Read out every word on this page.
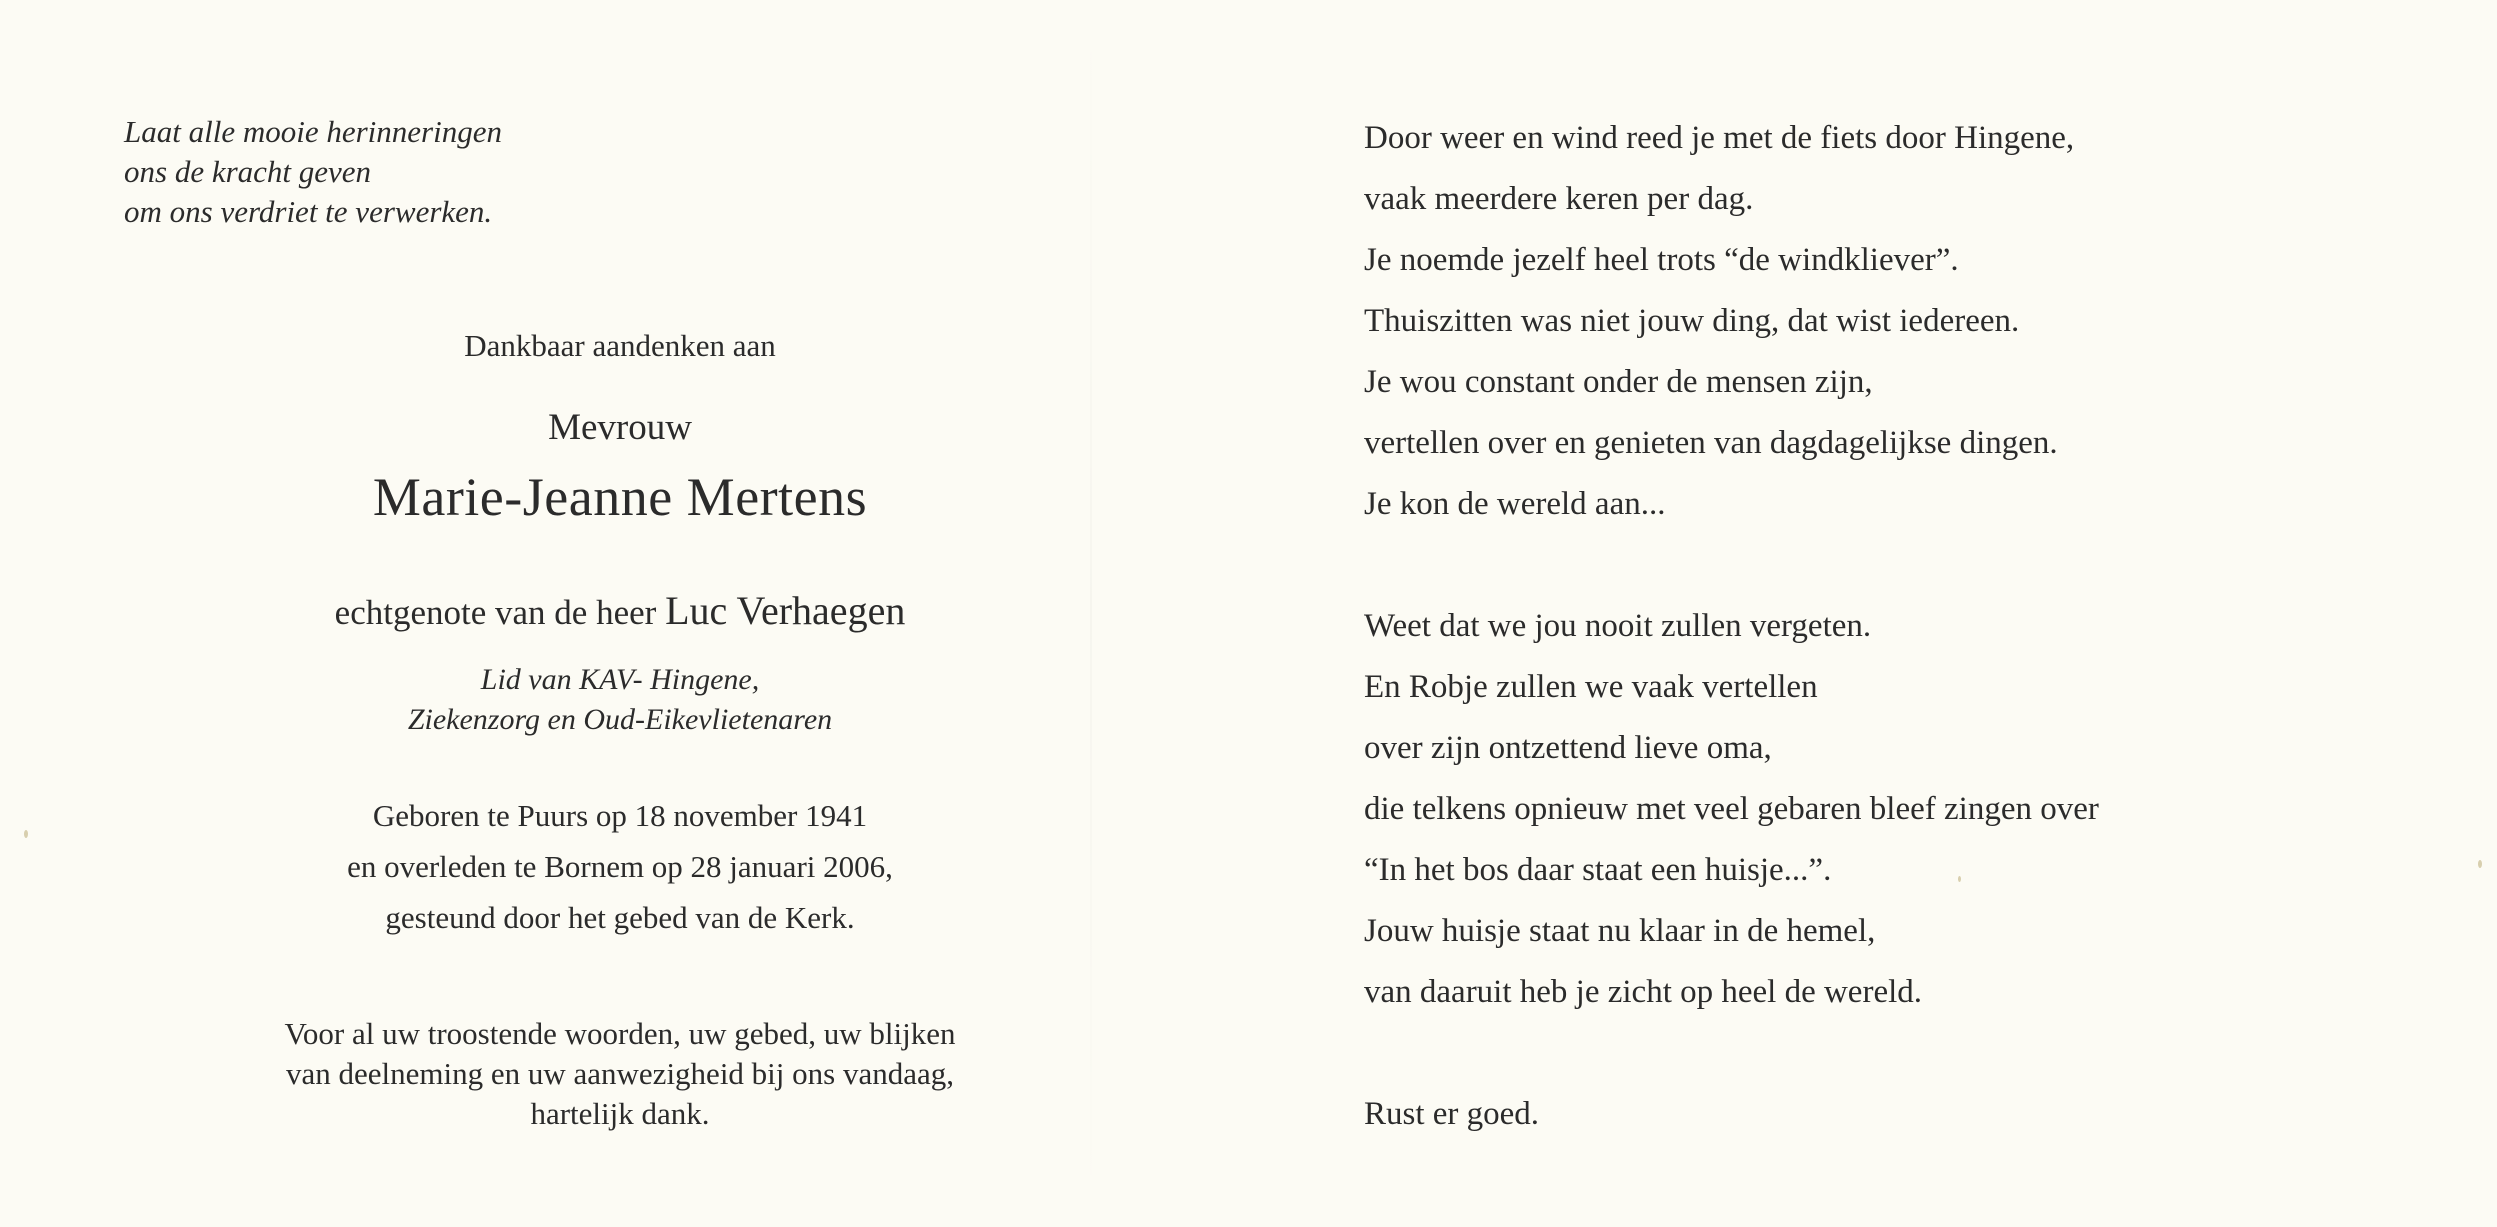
Laat alle mooie herinneringen
ons de kracht geven
om ons verdriet te verwerken.
Dankbaar aandenken aan
Mevrouw
Marie-Jeanne Mertens
echtgenote van de heer Luc Verhaegen
Lid van KAV- Hingene,
Ziekenzorg en Oud-Eikevlietenaren
Geboren te Puurs op 18 november 1941
en overleden te Bornem op 28 januari 2006,
gesteund door het gebed van de Kerk.
Voor al uw troostende woorden, uw gebed, uw blijken
van deelneming en uw aanwezigheid bij ons vandaag,
hartelijk dank.
Door weer en wind reed je met de fiets door Hingene,
vaak meerdere keren per dag.
Je noemde jezelf heel trots “de windkliever”.
Thuiszitten was niet jouw ding, dat wist iedereen.
Je wou constant onder de mensen zijn,
vertellen over en genieten van dagdagelijkse dingen.
Je kon de wereld aan...
Weet dat we jou nooit zullen vergeten.
En Robje zullen we vaak vertellen
over zijn ontzettend lieve oma,
die telkens opnieuw met veel gebaren bleef zingen over
“In het bos daar staat een huisje...”.
Jouw huisje staat nu klaar in de hemel,
van daaruit heb je zicht op heel de wereld.
Rust er goed.
